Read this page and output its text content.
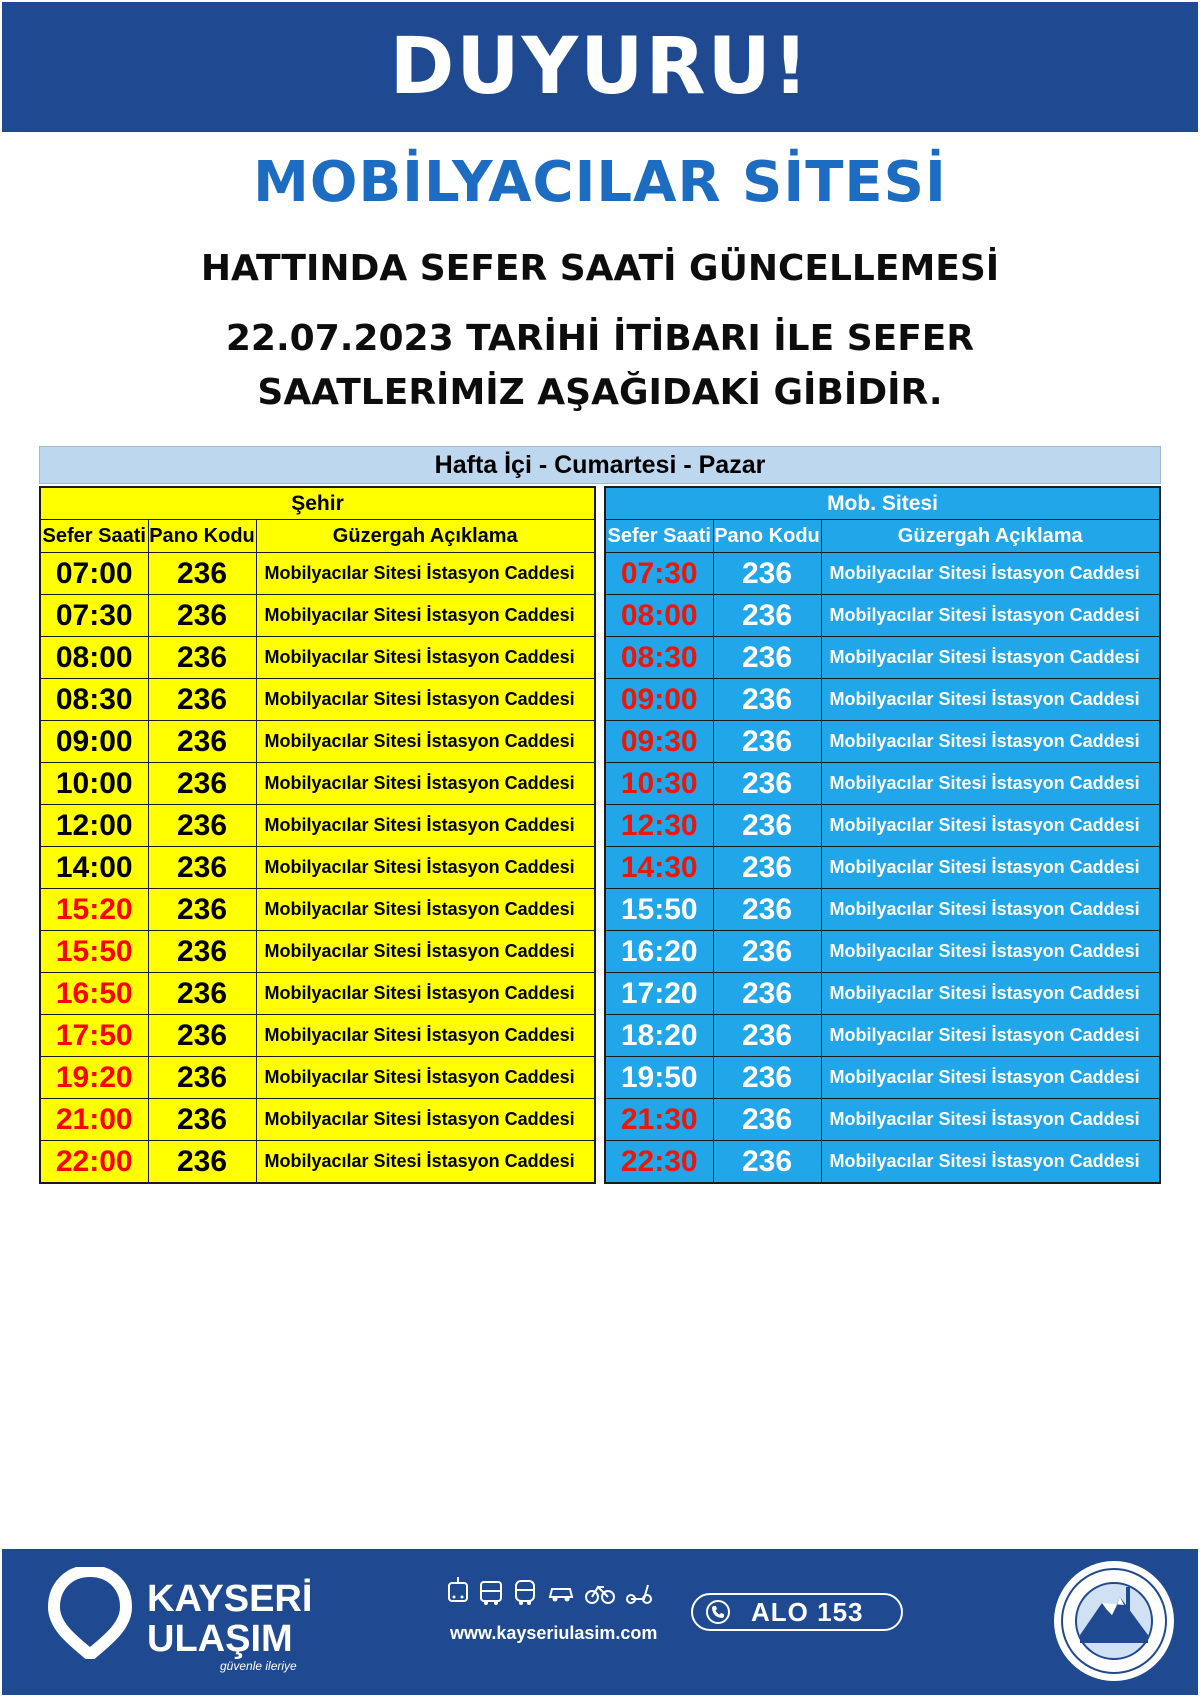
DUYURU!
MOBİLYACILAR SİTESİ
HATTINDA SEFER SAATİ GÜNCELLEMESİ
22.07.2023 TARİHİ İTİBARI İLE SEFER
SAATLERİMİZ AŞAĞIDAKİ GİBİDİR.
Hafta İçi - Cumartesi - Pazar
Şehir		
Sefer Saati	Pano Kodu	Güzergah Açıklama
07:00	236	Mobilyacılar Sitesi İstasyon Caddesi
07:30	236	Mobilyacılar Sitesi İstasyon Caddesi
08:00	236	Mobilyacılar Sitesi İstasyon Caddesi
08:30	236	Mobilyacılar Sitesi İstasyon Caddesi
09:00	236	Mobilyacılar Sitesi İstasyon Caddesi
10:00	236	Mobilyacılar Sitesi İstasyon Caddesi
12:00	236	Mobilyacılar Sitesi İstasyon Caddesi
14:00	236	Mobilyacılar Sitesi İstasyon Caddesi
15:20	236	Mobilyacılar Sitesi İstasyon Caddesi
15:50	236	Mobilyacılar Sitesi İstasyon Caddesi
16:50	236	Mobilyacılar Sitesi İstasyon Caddesi
17:50	236	Mobilyacılar Sitesi İstasyon Caddesi
19:20	236	Mobilyacılar Sitesi İstasyon Caddesi
21:00	236	Mobilyacılar Sitesi İstasyon Caddesi
22:00	236	Mobilyacılar Sitesi İstasyon Caddesi
Mob. Sitesi		
Sefer Saati	Pano Kodu	Güzergah Açıklama
07:30	236	Mobilyacılar Sitesi İstasyon Caddesi
08:00	236	Mobilyacılar Sitesi İstasyon Caddesi
08:30	236	Mobilyacılar Sitesi İstasyon Caddesi
09:00	236	Mobilyacılar Sitesi İstasyon Caddesi
09:30	236	Mobilyacılar Sitesi İstasyon Caddesi
10:30	236	Mobilyacılar Sitesi İstasyon Caddesi
12:30	236	Mobilyacılar Sitesi İstasyon Caddesi
14:30	236	Mobilyacılar Sitesi İstasyon Caddesi
15:50	236	Mobilyacılar Sitesi İstasyon Caddesi
16:20	236	Mobilyacılar Sitesi İstasyon Caddesi
17:20	236	Mobilyacılar Sitesi İstasyon Caddesi
18:20	236	Mobilyacılar Sitesi İstasyon Caddesi
19:50	236	Mobilyacılar Sitesi İstasyon Caddesi
21:30	236	Mobilyacılar Sitesi İstasyon Caddesi
22:30	236	Mobilyacılar Sitesi İstasyon Caddesi
KAYSERİ
ULAŞIM
güvenle ileriye
www.kayseriulasim.com
ALO 153
